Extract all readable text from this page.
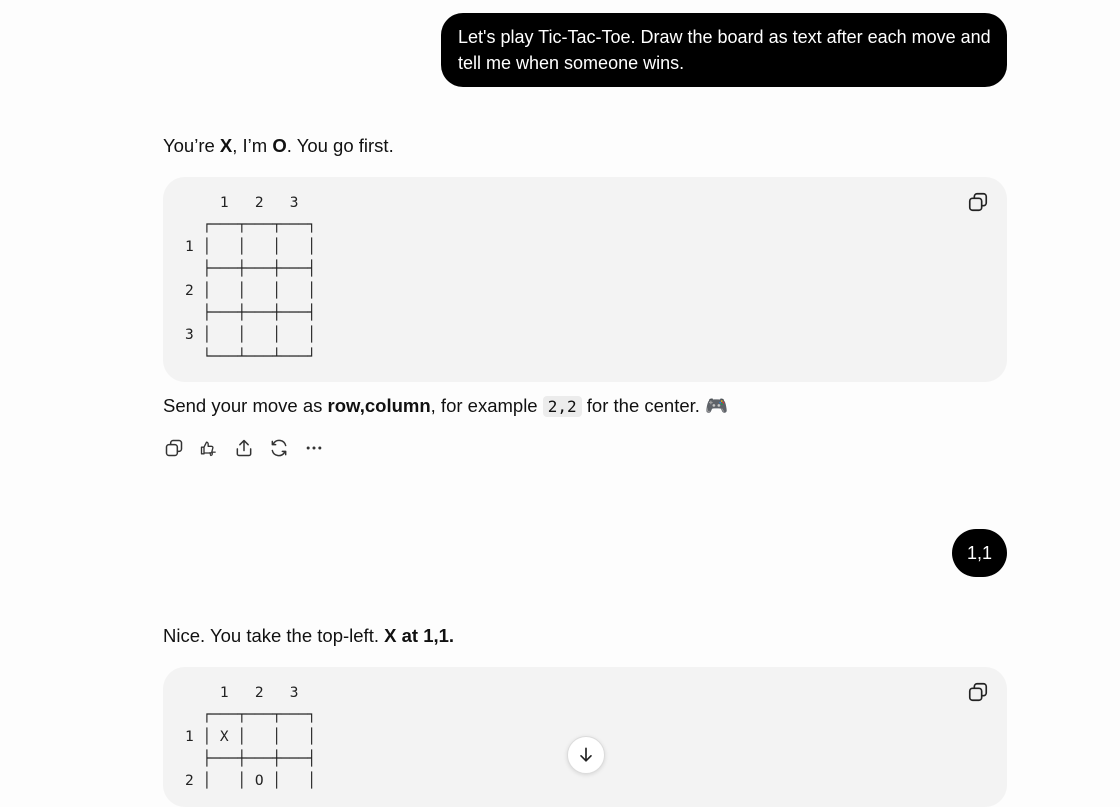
Let's play Tic-Tac-Toe. Draw the board as text after each move and
tell me when someone wins.
You’re X, I’m O. You go first.
1   2   3
┌───┬───┬───┐
1 │   │   │   │
├───┼───┼───┤
2 │   │   │   │
├───┼───┼───┤
3 │   │   │   │
└───┴───┴───┘
Send your move as row,column, for example 2,2 for the center. 🎮
1,1
Nice. You take the top-left. X at 1,1.
1   2   3
┌───┬───┬───┐
1 │ X │   │   │
├───┼───┼───┤
2 │   │ O │   │
